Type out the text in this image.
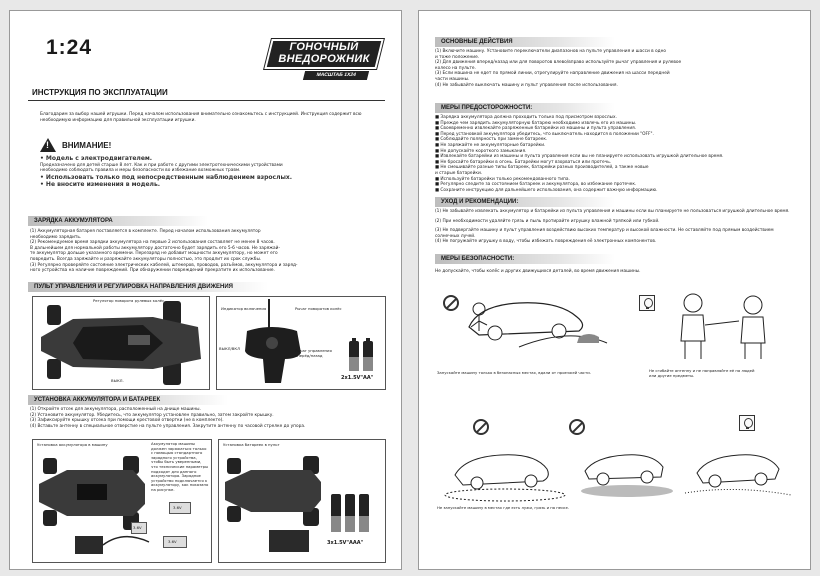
1:24	ГОНОЧНЫЙ
ВНЕДОРОЖНИК
МАСШТАБ 1Х24
ИНСТРУКЦИЯ ПО ЭКСПЛУАТАЦИИ
Благодарим за выбор нашей игрушки. Перед началом использования внимательно ознакомьтесь с инструкцией. Инструкция содержит всю
необходимую информацию для правильной эксплуатации игрушки.
!
ВНИМАНИЕ!
• Модель с электродвигателем.
Предназначено для детей старше 8 лет. Как и при работе с другими электротехническими устройствами
необходимо соблюдать правила и меры безопасности во избежание возможных травм.
• Использовать только под непосредственным наблюдением взрослых.
• Не вносите изменения в модель.
ЗАРЯДКА АККУМУЛЯТОРА
(1) Аккумуляторная батарея поставляется в комплекте. Перед началом использования аккумулятор
необходимо зарядить.
(2) Рекомендуемое время зарядки аккумулятора на первые 2 использования составляет не менее 8 часов.
В дальнейшем для нормальной работы аккумулятору достаточно будет зарядить его 5-6 часов. Не заряжай-
те аккумулятор дольше указанного времени. Перезаряд не добавит мощности аккумулятору, но может его
повредить. Всегда заряжайте и разряжайте аккумуляторы полностью, это продлит их срок службы.
(3) Регулярно проверяйте состояние электрических кабелей, штекеров, проводов, разъёмов, аккумулятора и заряд-
ного устройства на наличие повреждений. При обнаружении повреждений прекратите их использование.
ПУЛЬТ УПРАВЛЕНИЯ И РЕГУЛИРОВКА НАПРАВЛЕНИЯ ДВИЖЕНИЯ
Регулятор поворота рулевых колёс
ВЫКЛ.
Индикатор включения	Рычаг поворотов колёс
ВЫКЛ/ВКЛ	Рычаг управления
вперёд/назад
2x1.5V"AA"
УСТАНОВКА АККУМУЛЯТОРА И БАТАРЕЕК
(1) Откройте отсек для аккумулятора, расположенный на днище машины.
(2) Установите аккумулятор. Убедитесь, что аккумулятор установлен правильно, затем закройте крышку.
(3) Зафиксируйте крышку отсека при помощи крестовой отвертки (не в комплекте).
(4) Вставьте антенну в специальное отверстие на пульте управления. Закрутите антенну по часовой стрелке до упора.
Установка аккумулятора в машину	Аккумулятор машины должен заряжаться только с помощью стандартного зарядного устройства, чтобы быть уверенными, что технические параметры подходят для данного аккумулятора. Зарядное устройство подключается к аккумулятору, как показано на рисунке.
3.6V
3.6V
3.6V
Установка батареек в пульт
3x1.5V"AAA"
ОСНОВНЫЕ ДЕЙСТВИЯ
(1) Включите машину. Установите переключатели диапазонов на пульте управления и шасси в одно
и тоже положение.
(2) Для движения вперед/назад или для поворотов влево/вправо используйте рычаг управления и рулевое
колесо на пульте.
(3) Если машина не едет по прямой линии, отрегулируйте направление движения на шасси передней
части машины.
(4) Не забывайте выключать машину и пульт управления после использования.
МЕРЫ ПРЕДОСТОРОЖНОСТИ:
■ Зарядка аккумулятора должна проходить только под присмотром взрослых.
■ Прежде чем зарядить аккумуляторную батарею необходимо извлечь его из машины.
■ Своевременно извлекайте разряженные батарейки из машины и пульта управления.
■ Перед установкой аккумулятора убедитесь, что выключатель находится в положении "OFF".
■ Соблюдайте полярность при замене батареек.
■ Не заряжайте не аккумуляторные батарейки.
■ Не допускайте короткого замыкания.
■ Извлекайте батарейки из машины и пульта управления если вы не планируете использовать игрушкой длительное время.
■ Не бросайте батарейки в огонь. Батарейки могут взорваться или протечь.
■ Не смешивайте разные типы батареек, батарейки разных производителей, а также новые
и старые батарейки.
■ Используйте батарейки только рекомендованного типа.
■ Регулярно следите за состоянием батареек и аккумулятора, во избежание протечек.
■ Сохраните инструкцию для дальнейшего использования, она содержит важную информацию.
УХОД И РЕКОМЕНДАЦИИ:
(1) Не забывайте извлекать аккумулятор и батарейки из пульта управления и машины если вы планируете не пользоваться игрушкой длительное время.
(2) При необходимости удаляйте грязь и пыль протирайте игрушку влажной тряпкой или губкой.
(3) Не подвергайте машину и пульт управления воздействию высоких температур и высокой влажности. Не оставляйте под прямым воздействием
солнечных лучей.
(4) Не погружайте игрушку в воду, чтобы избежать повреждения её электронных компонентов.
МЕРЫ БЕЗОПАСНОСТИ:
Не допускайте, чтобы колёс и других движущихся деталей, во время движения машины.
Запускайте машину только в безопасных местах, вдали от проезжей части.	Не сгибайте антенну и не направляйте её на людей
или другие предметы.
Не запускайте машину в местах где есть лужи, грязь и на песке.
